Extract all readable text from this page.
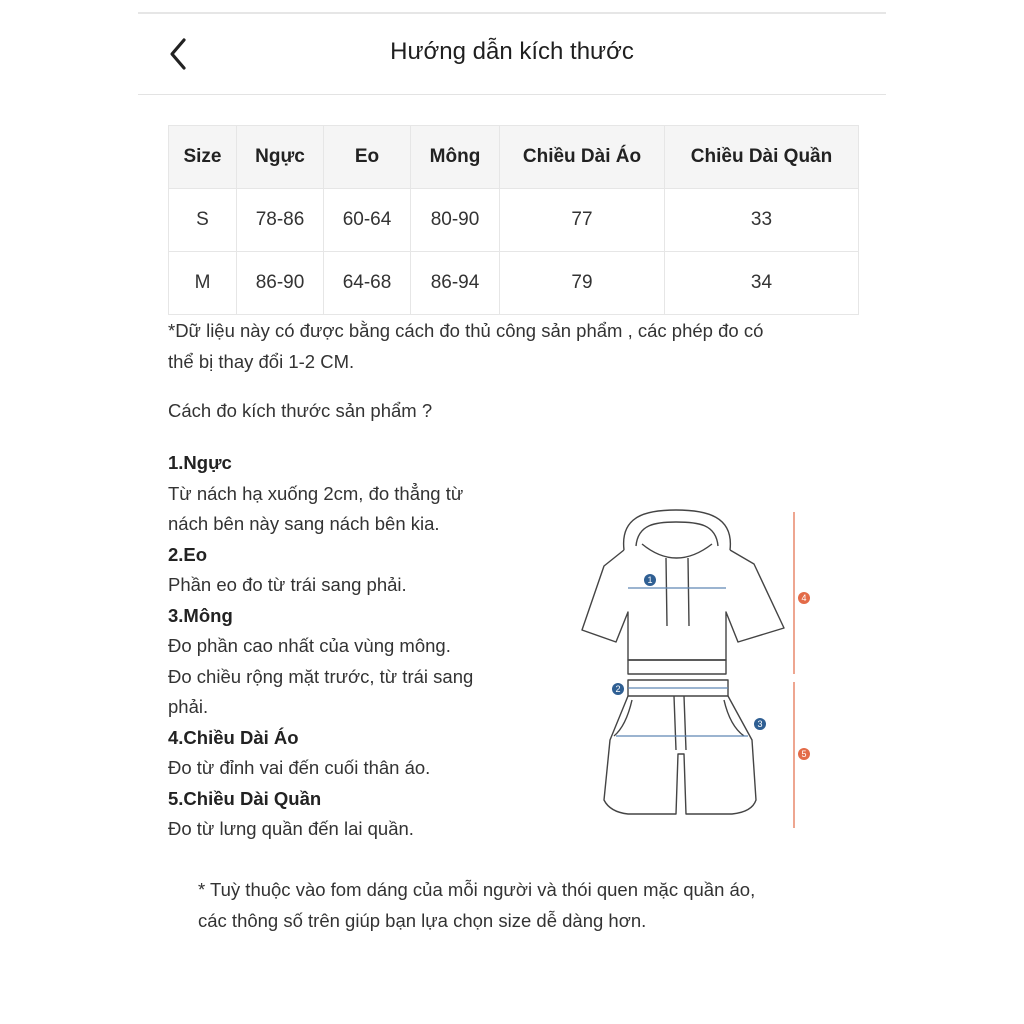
Hướng dẫn kích thước
Size	Ngực	Eo	Mông	Chiều Dài Áo	Chiều Dài Quần
S	78-86	60-64	80-90	77	33
M	86-90	64-68	86-94	79	34

*Dữ liệu này có được bằng cách đo thủ công sản phẩm , các phép đo có
thể bị thay đổi 1-2 CM.

Cách đo kích thước sản phẩm ?

1.Ngực
Từ nách hạ xuống 2cm, đo thẳng từ
nách bên này sang nách bên kia.
2.Eo
Phần eo đo từ trái sang phải.
3.Mông
Đo phần cao nhất của vùng mông.
Đo chiều rộng mặt trước, từ trái sang
phải.
4.Chiều Dài Áo
Đo từ đỉnh vai đến cuối thân áo.
5.Chiều Dài Quần
Đo từ lưng quần đến lai quần.
1
2
3
4
5

* Tuỳ thuộc vào fom dáng của mỗi người và thói quen mặc quần áo,
các thông số trên giúp bạn lựa chọn size dễ dàng hơn.
